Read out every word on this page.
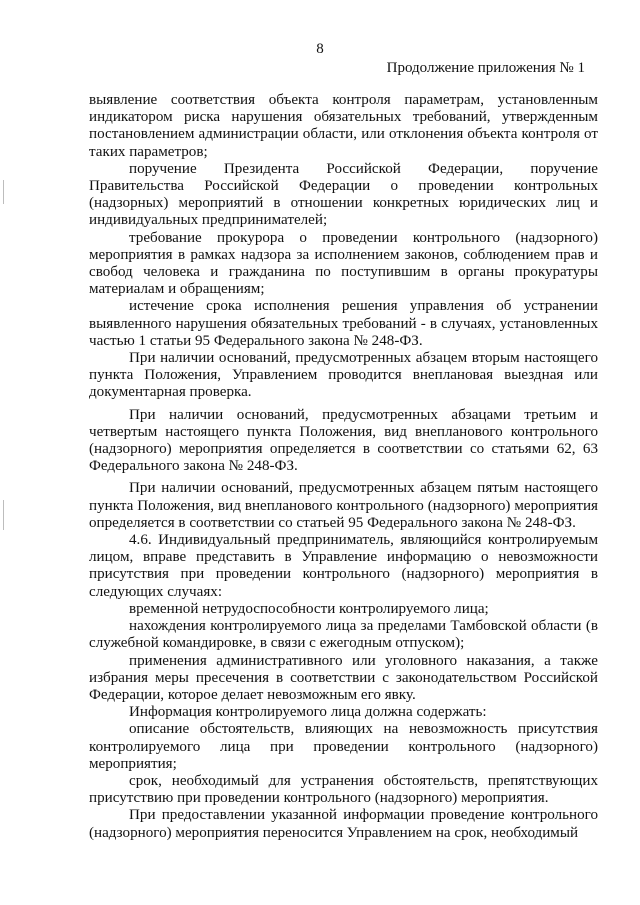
8
Продолжение приложения № 1

выявление соответствия объекта контроля параметрам, установленным индикатором риска нарушения обязательных требований, утвержденным постановлением администрации области, или отклонения объекта контроля от таких параметров;

поручение Президента Российской Федерации, поручение Правительства Российской Федерации о проведении контрольных (надзорных) мероприятий в отношении конкретных юридических лиц и индивидуальных предпринимателей;

требование прокурора о проведении контрольного (надзорного) мероприятия в рамках надзора за исполнением законов, соблюдением прав и свобод человека и гражданина по поступившим в органы прокуратуры материалам и обращениям;

истечение срока исполнения решения управления об устранении выявленного нарушения обязательных требований - в случаях, установленных частью 1 статьи 95 Федерального закона № 248-ФЗ.

При наличии оснований, предусмотренных абзацем вторым настоящего пункта Положения, Управлением проводится внеплановая выездная или документарная проверка.

При наличии оснований, предусмотренных абзацами третьим и четвертым настоящего пункта Положения, вид внепланового контрольного (надзорного) мероприятия определяется в соответствии со статьями 62, 63 Федерального закона № 248-ФЗ.

При наличии оснований, предусмотренных абзацем пятым настоящего пункта Положения, вид внепланового контрольного (надзорного) мероприятия определяется в соответствии со статьей 95 Федерального закона № 248-ФЗ.

4.6. Индивидуальный предприниматель, являющийся контролируемым лицом, вправе представить в Управление информацию о невозможности присутствия при проведении контрольного (надзорного) мероприятия в следующих случаях:

временной нетрудоспособности контролируемого лица;

нахождения контролируемого лица за пределами Тамбовской области (в служебной командировке, в связи с ежегодным отпуском);

применения административного или уголовного наказания, а также избрания меры пресечения в соответствии с законодательством Российской Федерации, которое делает невозможным его явку.

Информация контролируемого лица должна содержать:

описание обстоятельств, влияющих на невозможность присутствия контролируемого лица при проведении контрольного (надзорного) мероприятия;

срок, необходимый для устранения обстоятельств, препятствующих присутствию при проведении контрольного (надзорного) мероприятия.

При предоставлении указанной информации проведение контрольного (надзорного) мероприятия переносится Управлением на срок, необходимый
